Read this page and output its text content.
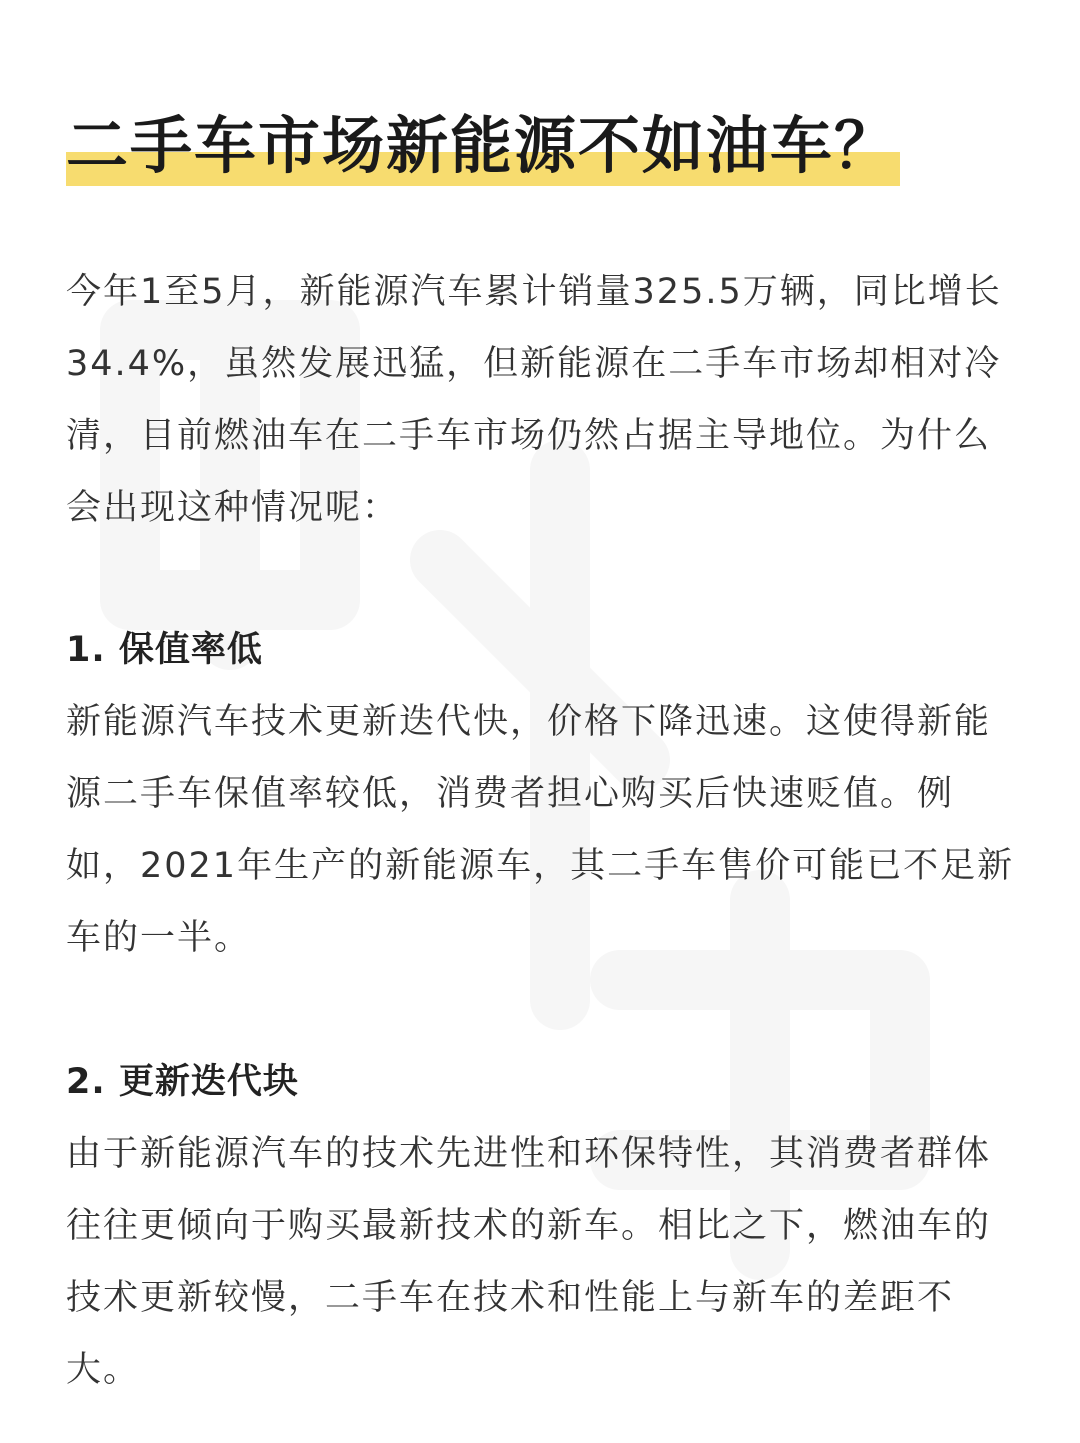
二手车市场新能源不如油车？

今年1至5月，新能源汽车累计销量325.5万辆，同比增长34.4%，虽然发展迅猛，但新能源在二手车市场却相对冷清，目前燃油车在二手车市场仍然占据主导地位。为什么会出现这种情况呢：

1. 保值率低

新能源汽车技术更新迭代快，价格下降迅速。这使得新能源二手车保值率较低，消费者担心购买后快速贬值。例如，2021年生产的新能源车，其二手车售价可能已不足新车的一半。

2. 更新迭代块

由于新能源汽车的技术先进性和环保特性，其消费者群体往往更倾向于购买最新技术的新车。相比之下，燃油车的技术更新较慢，二手车在技术和性能上与新车的差距不大。
